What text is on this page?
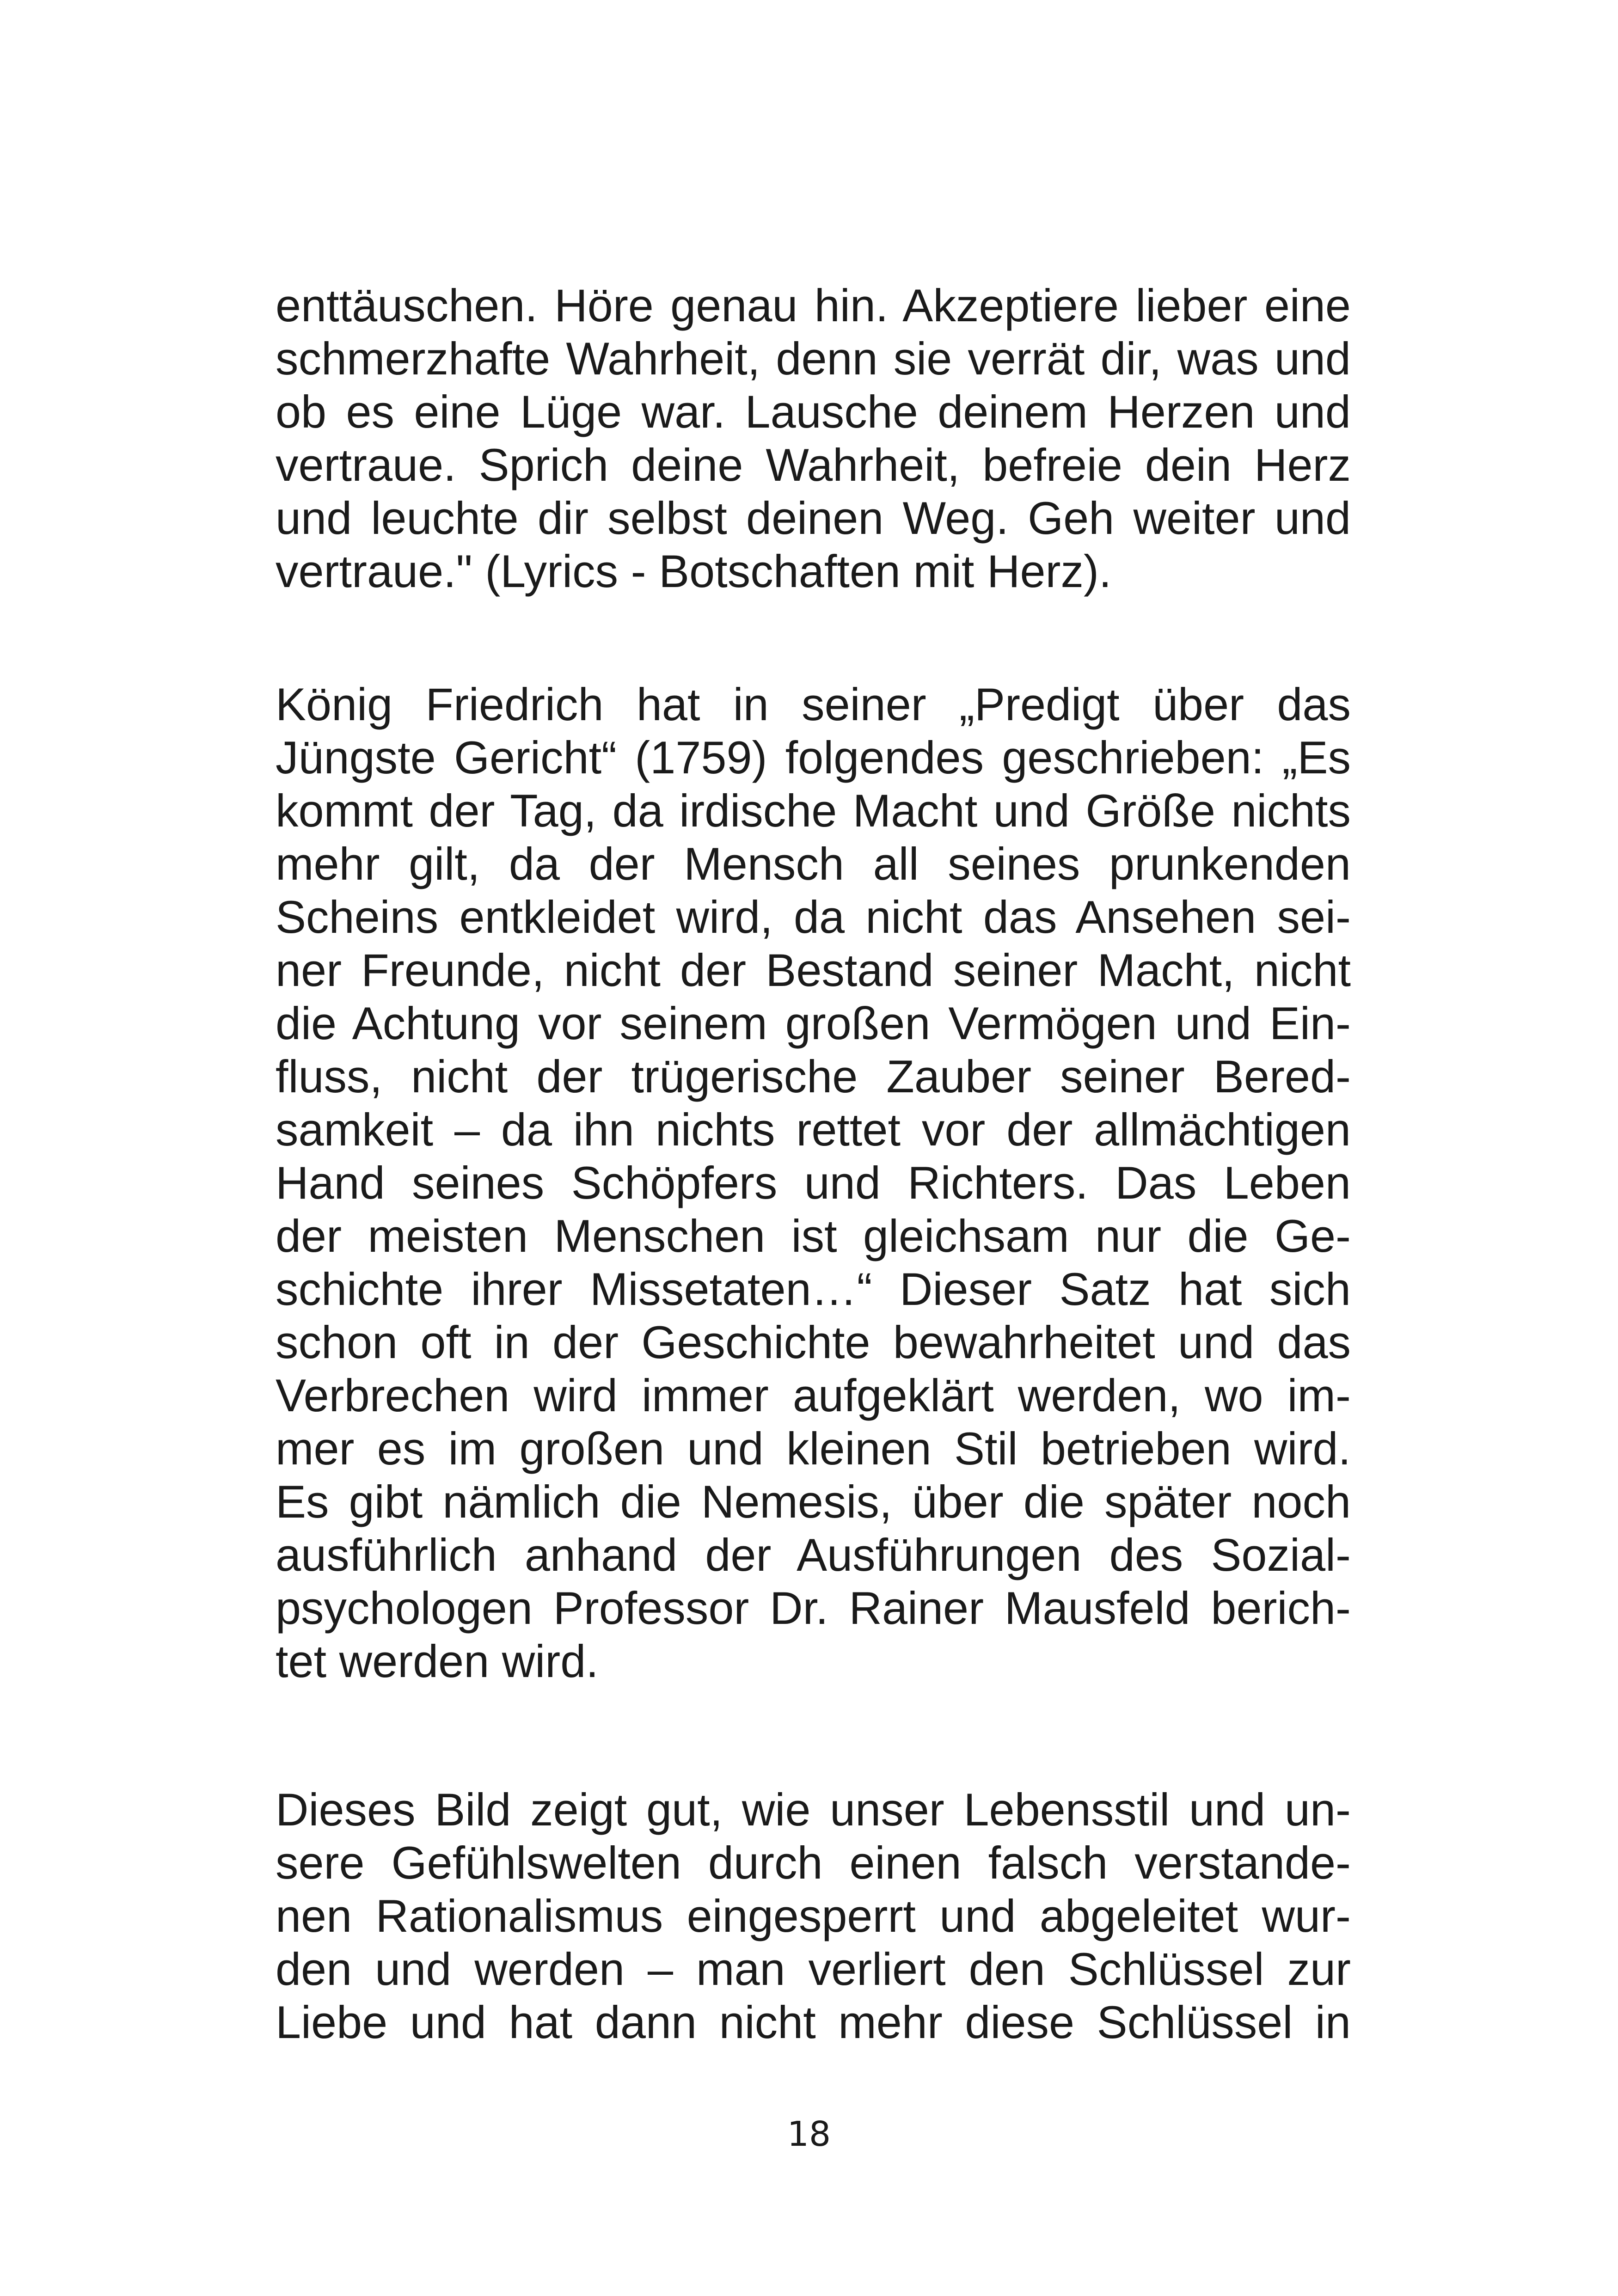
enttäuschen. Höre genau hin. Akzeptiere lieber eine
schmerzhafte Wahrheit, denn sie verrät dir, was und
ob es eine Lüge war. Lausche deinem Herzen und
vertraue. Sprich deine Wahrheit, befreie dein Herz
und leuchte dir selbst deinen Weg. Geh weiter und
vertraue." (Lyrics - Botschaften mit Herz).
König Friedrich hat in seiner „Predigt über das
Jüngste Gericht“ (1759) folgendes geschrieben: „Es
kommt der Tag, da irdische Macht und Größe nichts
mehr gilt, da der Mensch all seines prunkenden
Scheins entkleidet wird, da nicht das Ansehen sei-
ner Freunde, nicht der Bestand seiner Macht, nicht
die Achtung vor seinem großen Vermögen und Ein-
fluss, nicht der trügerische Zauber seiner Bered-
samkeit – da ihn nichts rettet vor der allmächtigen
Hand seines Schöpfers und Richters. Das Leben
der meisten Menschen ist gleichsam nur die Ge-
schichte ihrer Missetaten…“ Dieser Satz hat sich
schon oft in der Geschichte bewahrheitet und das
Verbrechen wird immer aufgeklärt werden, wo im-
mer es im großen und kleinen Stil betrieben wird.
Es gibt nämlich die Nemesis, über die später noch
ausführlich anhand der Ausführungen des Sozial-
psychologen Professor Dr. Rainer Mausfeld berich-
tet werden wird.
Dieses Bild zeigt gut, wie unser Lebensstil und un-
sere Gefühlswelten durch einen falsch verstande-
nen Rationalismus eingesperrt und abgeleitet wur-
den und werden – man verliert den Schlüssel zur
Liebe und hat dann nicht mehr diese Schlüssel in
18
